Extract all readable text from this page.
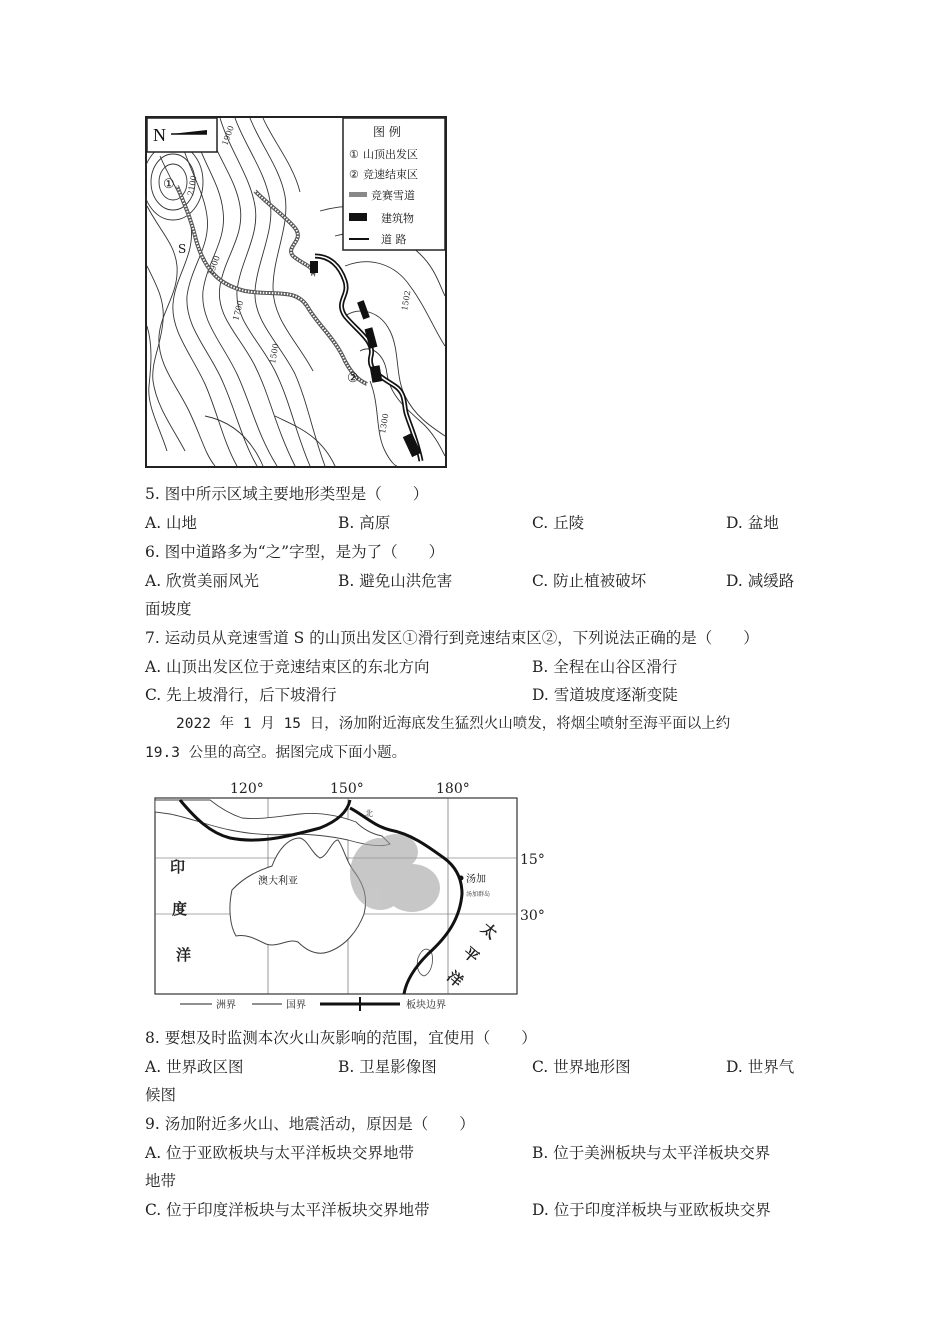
N
①
②
S
1900
2100
1900
1700
1500
1502
1300
图 例
① 山顶出发区
② 竞速结束区
竞赛雪道
建筑物
道 路
5. 图中所示区域主要地形类型是（　　）
A. 山地	B. 高原	C. 丘陵	D. 盆地
6. 图中道路多为“之”字型，是为了（　　）
A. 欣赏美丽风光	B. 避免山洪危害	C. 防止植被破坏	D. 减缓路
面坡度
7. 运动员从竞速雪道 S 的山顶出发区①滑行到竞速结束区②，下列说法正确的是（　　）
A. 山顶出发区位于竞速结束区的东北方向	B. 全程在山谷区滑行
C. 先上坡滑行，后下坡滑行	D. 雪道坡度逐渐变陡
2022 年 1 月 15 日，汤加附近海底发生猛烈火山喷发，将烟尘喷射至海平面以上约
19.3 公里的高空。据图完成下面小题。
120°	150°	180°
15°
30°
澳大利亚	汤加
汤加群岛
北
印
度
洋
太
平
洋
洲界	国界	板块边界
8. 要想及时监测本次火山灰影响的范围，宜使用（　　）
A. 世界政区图	B. 卫星影像图	C. 世界地形图	D. 世界气
候图
9. 汤加附近多火山、地震活动，原因是（　　）
A. 位于亚欧板块与太平洋板块交界地带	B. 位于美洲板块与太平洋板块交界
地带
C. 位于印度洋板块与太平洋板块交界地带	D. 位于印度洋板块与亚欧板块交界
